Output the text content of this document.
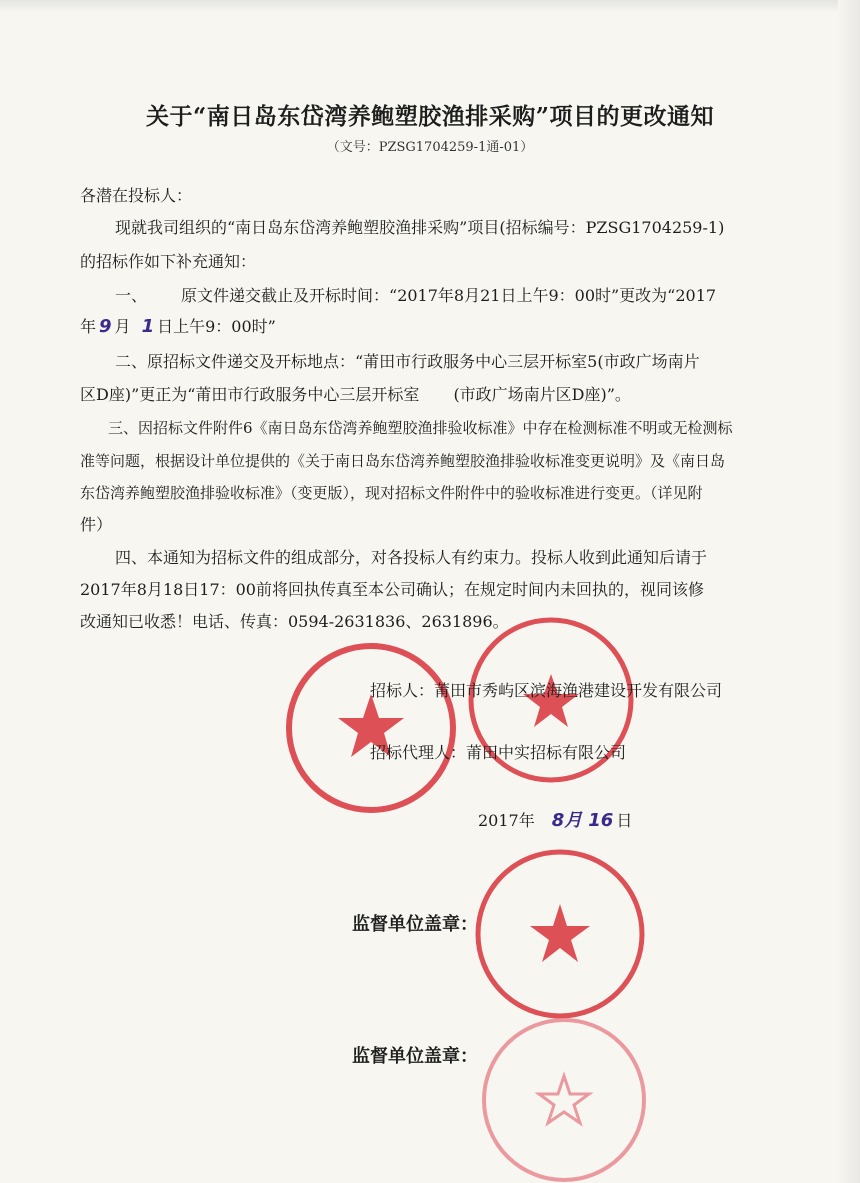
关于“南日岛东岱湾养鲍塑胶渔排采购”项目的更改通知
（文号：PZSG1704259-1通-01）
各潜在投标人：
现就我司组织的“南日岛东岱湾养鲍塑胶渔排采购”项目(招标编号：PZSG1704259-1)
的招标作如下补充通知：
一、 原文件递交截止及开标时间：“2017年8月21日上午9：00时”更改为“2017
年 9 月 1 日上午9：00时”
二、原招标文件递交及开标地点：“莆田市行政服务中心三层开标室5(市政广场南片
区D座)”更正为“莆田市行政服务中心三层开标室 (市政广场南片区D座)”。
三、因招标文件附件6《南日岛东岱湾养鲍塑胶渔排验收标准》中存在检测标准不明或无检测标
准等问题，根据设计单位提供的《关于南日岛东岱湾养鲍塑胶渔排验收标准变更说明》及《南日岛
东岱湾养鲍塑胶渔排验收标准》（变更版），现对招标文件附件中的验收标准进行变更。（详见附
件）
四、本通知为招标文件的组成部分，对各投标人有约束力。投标人收到此通知后请于
2017年8月18日17：00前将回执传真至本公司确认；在规定时间内未回执的，视同该修
改通知已收悉！电话、传真：0594-2631836、2631896。
招标人：莆田市秀屿区滨海渔港建设开发有限公司
招标代理人：莆田中实招标有限公司
2017年 8月 16 日
监督单位盖章：
监督单位盖章：
